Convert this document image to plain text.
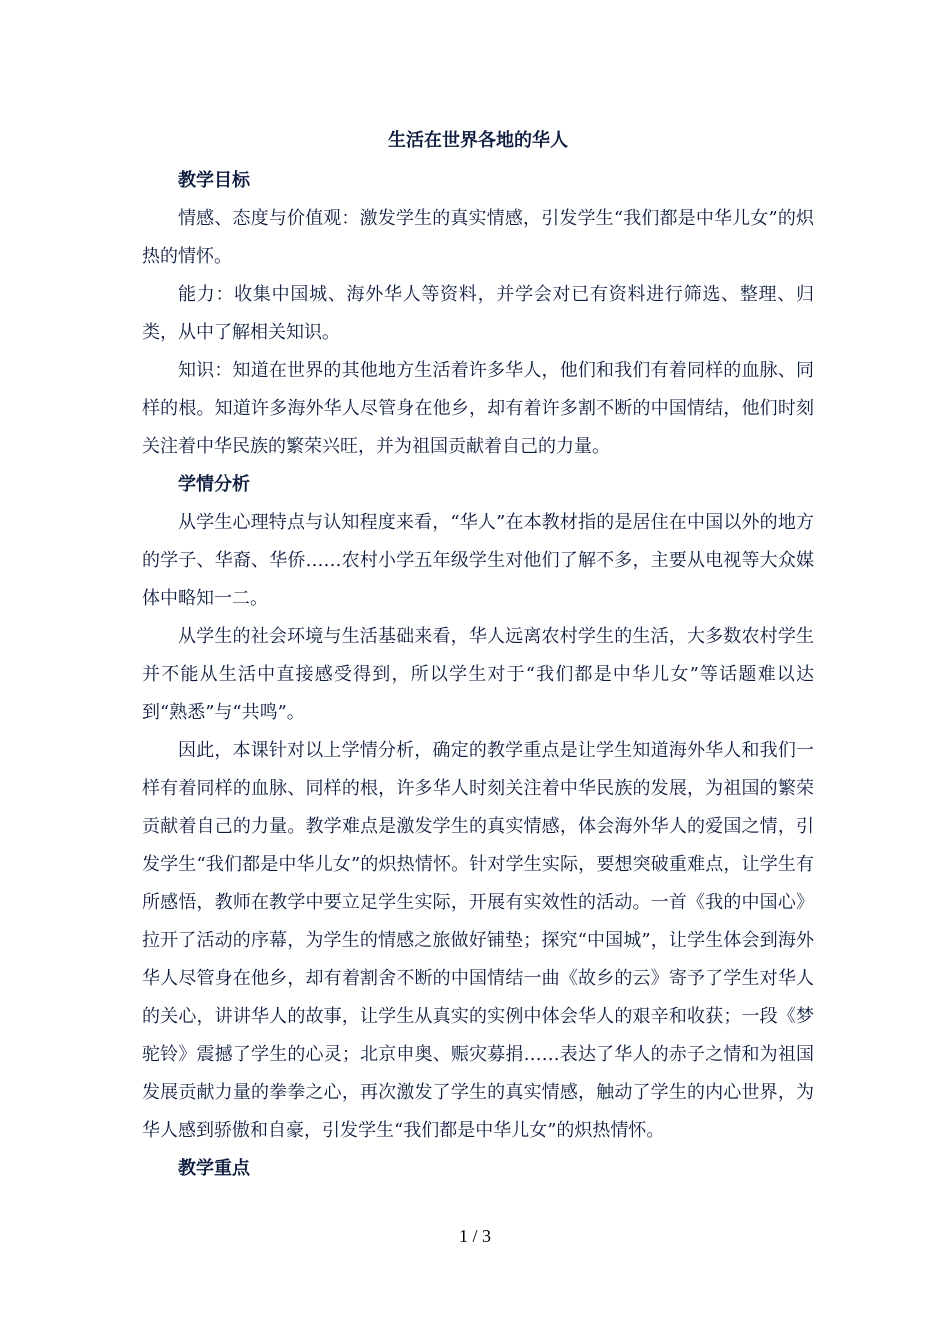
生活在世界各地的华人

教学目标

情感、态度与价值观：激发学生的真实情感，引发学生“我们都是中华儿女”的炽热的情怀。

能力：收集中国城、海外华人等资料，并学会对已有资料进行筛选、整理、归类，从中了解相关知识。

知识：知道在世界的其他地方生活着许多华人，他们和我们有着同样的血脉、同样的根。知道许多海外华人尽管身在他乡，却有着许多割不断的中国情结，他们时刻关注着中华民族的繁荣兴旺，并为祖国贡献着自己的力量。

学情分析

从学生心理特点与认知程度来看，“华人”在本教材指的是居住在中国以外的地方的学子、华裔、华侨……农村小学五年级学生对他们了解不多，主要从电视等大众媒体中略知一二。

从学生的社会环境与生活基础来看，华人远离农村学生的生活，大多数农村学生并不能从生活中直接感受得到，所以学生对于“我们都是中华儿女”等话题难以达到“熟悉”与“共鸣”。

因此，本课针对以上学情分析，确定的教学重点是让学生知道海外华人和我们一样有着同样的血脉、同样的根，许多华人时刻关注着中华民族的发展，为祖国的繁荣贡献着自己的力量。教学难点是激发学生的真实情感，体会海外华人的爱国之情，引发学生“我们都是中华儿女”的炽热情怀。针对学生实际，要想突破重难点，让学生有所感悟，教师在教学中要立足学生实际，开展有实效性的活动。一首《我的中国心》拉开了活动的序幕，为学生的情感之旅做好铺垫；探究“中国城”，让学生体会到海外华人尽管身在他乡，却有着割舍不断的中国情结一曲《故乡的云》寄予了学生对华人的关心，讲讲华人的故事，让学生从真实的实例中体会华人的艰辛和收获；一段《梦驼铃》震撼了学生的心灵；北京申奥、赈灾募捐……表达了华人的赤子之情和为祖国发展贡献力量的拳拳之心，再次激发了学生的真实情感，触动了学生的内心世界，为华人感到骄傲和自豪，引发学生“我们都是中华儿女”的炽热情怀。

教学重点

1 / 3
